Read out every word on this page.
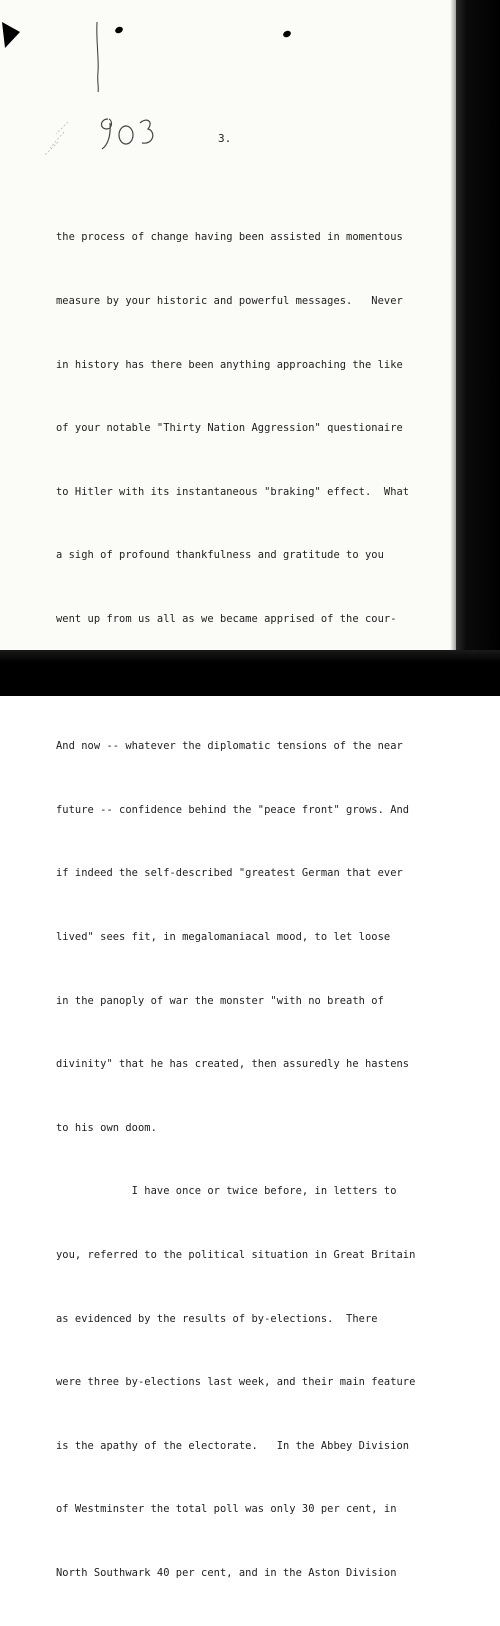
3.

the process of change having been assisted in momentous

measure by your historic and powerful messages.   Never

in history has there been anything approaching the like

of your notable "Thirty Nation Aggression" questionaire

to Hitler with its instantaneous "braking" effect.  What

a sigh of profound thankfulness and gratitude to you

went up from us all as we became apprised of the cour-

And now -- whatever the diplomatic tensions of the near

future -- confidence behind the "peace front" grows. And

if indeed the self-described "greatest German that ever

lived" sees fit, in megalomaniacal mood, to let loose

in the panoply of war the monster "with no breath of

divinity" that he has created, then assuredly he hastens

to his own doom.

I have once or twice before, in letters to

you, referred to the political situation in Great Britain

as evidenced by the results of by-elections.  There

were three by-elections last week, and their main feature

is the apathy of the electorate.   In the Abbey Division

of Westminster the total poll was only 30 per cent, in

North Southwark 40 per cent, and in the Aston Division
